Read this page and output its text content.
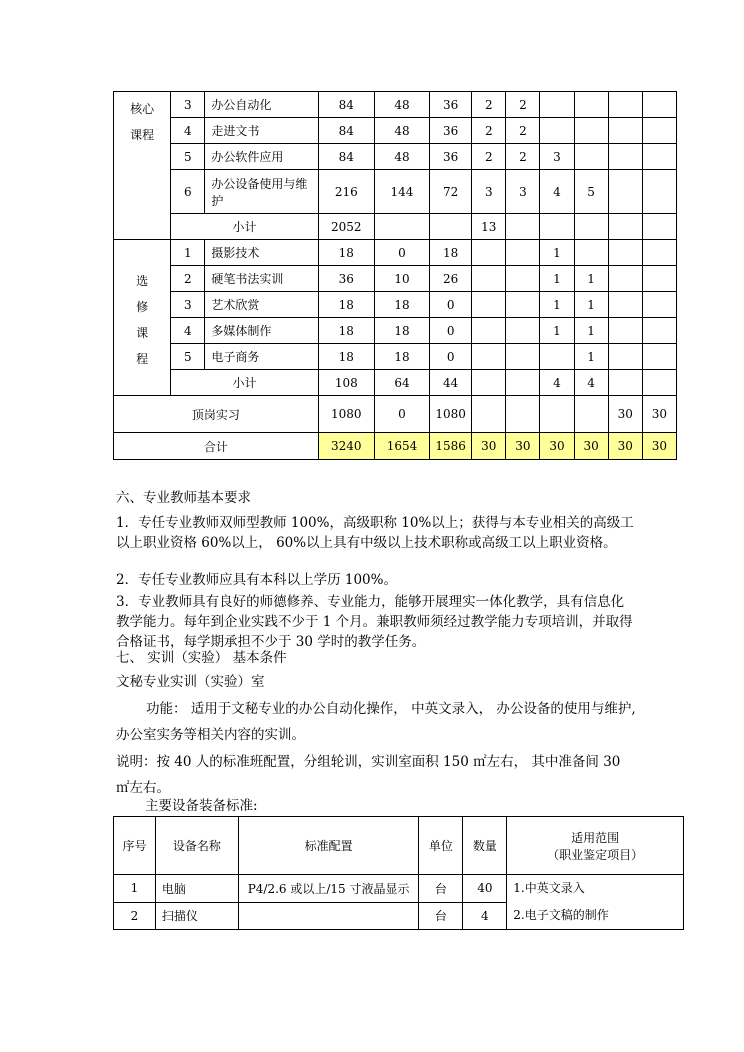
核心课程	3	办公自动化	84	48	36	2	2				
	4	走进文书	84	48	36	2	2				
	5	办公软件应用	84	48	36	2	2	3			
	6	办公设备使用与维护	216	144	72	3	3	4	5		
	小计		2052			13					

选修课程	1	摄影技术	18	0	18			1			
	2	硬笔书法实训	36	10	26			1	1		
	3	艺术欣赏	18	18	0			1	1		
	4	多媒体制作	18	18	0			1	1		
	5	电子商务	18	18	0				1		
	小计		108	64	44			4	4		
顶岗实习			1080	0	1080					30	30
合计			3240	1654	1586	30	30	30	30	30	30
六、专业教师基本要求
1．专任专业教师双师型教师 100%，高级职称 10%以上；获得与本专业相关的高级工以上职业资格 60%以上， 60%以上具有中级以上技术职称或高级工以上职业资格。
2．专任专业教师应具有本科以上学历 100%。
3．专业教师具有良好的师德修养、专业能力，能够开展理实一体化教学，具有信息化教学能力。每年到企业实践不少于 1 个月。兼职教师须经过教学能力专项培训，并取得合格证书，每学期承担不少于 30 学时的教学任务。
七、 实训（实验） 基本条件
文秘专业实训（实验）室
功能： 适用于文秘专业的办公自动化操作， 中英文录入， 办公设备的使用与维护,办公室实务等相关内容的实训。
说明：按 40 人的标准班配置，分组轮训，实训室面积 150 ㎡左右， 其中准备间 30 ㎡左右。
主要设备装备标准:
序号	设备名称	标准配置	单位	数量	适用范围
（职业鉴定项目）

1	电脑	P4/2.6 或以上/15 寸液晶显示	台	40	1.中英文录入
2.电子文稿的制作

2	扫描仪		台	4	
